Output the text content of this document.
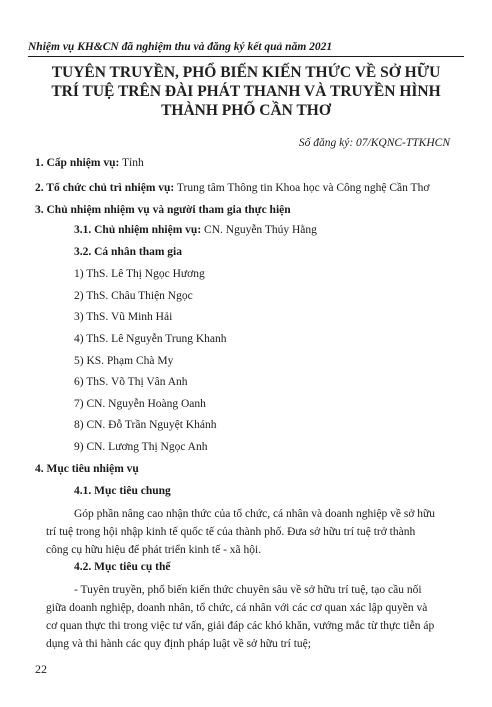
Nhiệm vụ KH&CN đã nghiệm thu và đăng ký kết quả năm 2021
TUYÊN TRUYỀN, PHỔ BIẾN KIẾN THỨC VỀ SỞ HỮU
TRÍ TUỆ TRÊN ĐÀI PHÁT THANH VÀ TRUYỀN HÌNH
THÀNH PHỐ CẦN THƠ
Số đăng ký: 07/KQNC-TTKHCN
1. Cấp nhiệm vụ: Tỉnh
2. Tổ chức chủ trì nhiệm vụ: Trung tâm Thông tin Khoa học và Công nghệ Cần Thơ
3. Chủ nhiệm nhiệm vụ và người tham gia thực hiện
3.1. Chủ nhiệm nhiệm vụ: CN. Nguyễn Thúy Hằng
3.2. Cá nhân tham gia
1) ThS. Lê Thị Ngọc Hương
2) ThS. Châu Thiện Ngọc
3) ThS. Vũ Minh Hải
4) ThS. Lê Nguyễn Trung Khanh
5) KS. Phạm Chà My
6) ThS. Võ Thị Vân Anh
7) CN. Nguyễn Hoàng Oanh
8) CN. Đỗ Trần Nguyệt Khánh
9) CN. Lương Thị Ngọc Anh
4. Mục tiêu nhiệm vụ
4.1. Mục tiêu chung
Góp phần nâng cao nhận thức của tổ chức, cá nhân và doanh nghiệp về sở hữu
trí tuệ trong hội nhập kinh tế quốc tế của thành phố. Đưa sở hữu trí tuệ trở thành
công cụ hữu hiệu để phát triển kinh tế - xã hội.
4.2. Mục tiêu cụ thể
- Tuyên truyền, phổ biến kiến thức chuyên sâu về sở hữu trí tuệ, tạo cầu nối
giữa doanh nghiệp, doanh nhân, tổ chức, cá nhân với các cơ quan xác lập quyền và
cơ quan thực thi trong việc tư vấn, giải đáp các khó khăn, vướng mắc từ thực tiễn áp
dụng và thi hành các quy định pháp luật về sở hữu trí tuệ;
22
